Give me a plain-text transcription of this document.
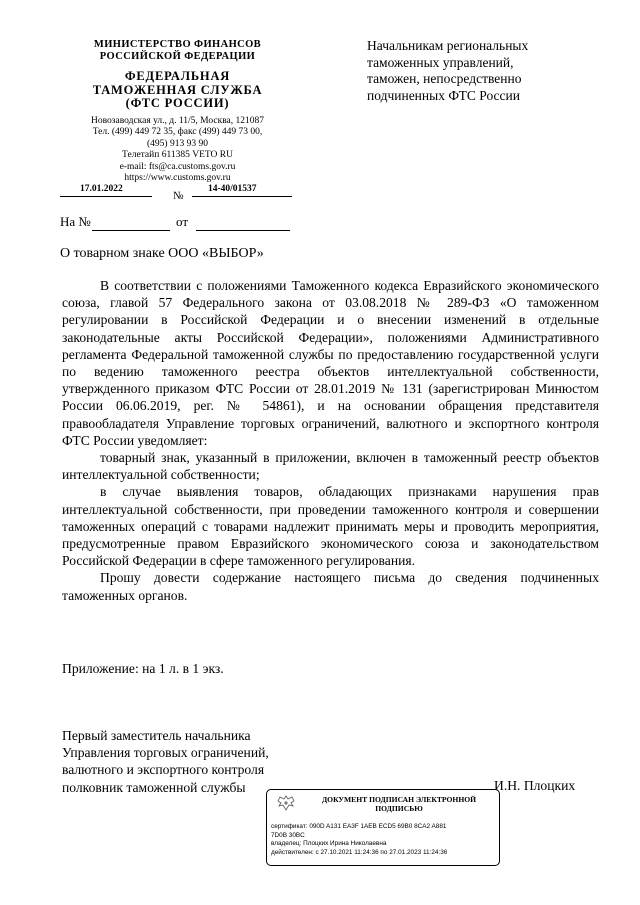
МИНИСТЕРСТВО ФИНАНСОВ
РОССИЙСКОЙ ФЕДЕРАЦИИ
ФЕДЕРАЛЬНАЯ
ТАМОЖЕННАЯ СЛУЖБА
(ФТС РОССИИ)
Новозаводская ул., д. 11/5, Москва, 121087
Тел. (499) 449 72 35, факс (499) 449 73 00,
(495) 913 93 90
Телетайп 611385 VETO RU
e-mail: fts@ca.customs.gov.ru
https://www.customs.gov.ru
17.01.2022
№
14-40/01537
На №	от
Начальникам региональных
таможенных управлений,
таможен, непосредственно
подчиненных ФТС России
О товарном знаке ООО «ВЫБОР»

В соответствии с положениями Таможенного кодекса Евразийского экономического союза, главой 57 Федерального закона от 03.08.2018 № 289-ФЗ «О таможенном регулировании в Российской Федерации и о внесении изменений в отдельные законодательные акты Российской Федерации», положениями Административного регламента Федеральной таможенной службы по предоставлению государственной услуги по ведению таможенного реестра объектов интеллектуальной собственности, утвержденного приказом ФТС России от 28.01.2019 № 131 (зарегистрирован Минюстом России 06.06.2019, рег. № 54861), и на основании обращения представителя правообладателя Управление торговых ограничений, валютного и экспортного контроля ФТС России уведомляет:

товарный знак, указанный в приложении, включен в таможенный реестр объектов интеллектуальной собственности;

в случае выявления товаров, обладающих признаками нарушения прав интеллектуальной собственности, при проведении таможенного контроля и совершении таможенных операций с товарами надлежит принимать меры и проводить мероприятия, предусмотренные правом Евразийского экономического союза и законодательством Российской Федерации в сфере таможенного регулирования.

Прошу довести содержание настоящего письма до сведения подчиненных таможенных органов.

Приложение: на 1 л. в 1 экз.
Первый заместитель начальника
Управления торговых ограничений,
валютного и экспортного контроля
полковник таможенной службы	И.Н. Плоцких
ДОКУМЕНТ ПОДПИСАН ЭЛЕКТРОННОЙ
ПОДПИСЬЮ
сертификат: 090D A131 EA3F 1AEB ECD5 69B0 8CA2 A881
7D0B 30BC
владелец: Плоцких Ирина Николаевна
действителен: с 27.10.2021 11:24:36 по 27.01.2023 11:24:36
